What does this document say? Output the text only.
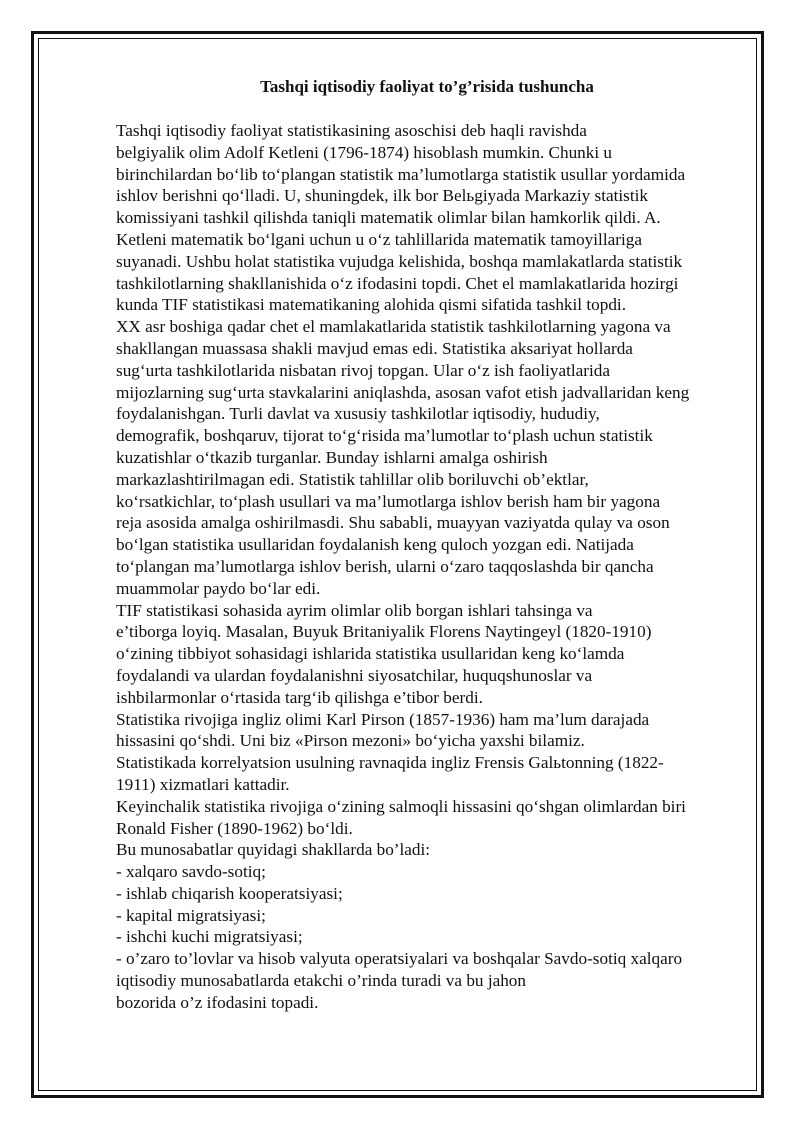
Tashqi iqtisodiy faoliyat to’g’risida tushuncha
Tashqi iqtisodiy faoliyat statistikasining asoschisi deb haqli ravishda
belgiyalik olim Adolf Ketleni (1796-1874) hisoblash mumkin. Chunki u
birinchilardan bo‘lib to‘plangan statistik ma’lumotlarga statistik usullar yordamida
ishlov berishni qo‘lladi. U, shuningdek, ilk bor Belьgiyada Markaziy statistik
komissiyani tashkil qilishda taniqli matematik olimlar bilan hamkorlik qildi. A.
Ketleni matematik bo‘lgani uchun u o‘z tahlillarida matematik tamoyillariga
suyanadi. Ushbu holat statistika vujudga kelishida, boshqa mamlakatlarda statistik
tashkilotlarning shakllanishida o‘z ifodasini topdi. Chet el mamlakatlarida hozirgi
kunda TIF statistikasi matematikaning alohida qismi sifatida tashkil topdi.
XX asr boshiga qadar chet el mamlakatlarida statistik tashkilotlarning yagona va
shakllangan muassasa shakli mavjud emas edi. Statistika aksariyat hollarda
sug‘urta tashkilotlarida nisbatan rivoj topgan. Ular o‘z ish faoliyatlarida
mijozlarning sug‘urta stavkalarini aniqlashda, asosan vafot etish jadvallaridan keng
foydalanishgan. Turli davlat va xususiy tashkilotlar iqtisodiy, hududiy,
demografik, boshqaruv, tijorat to‘g‘risida ma’lumotlar to‘plash uchun statistik
kuzatishlar o‘tkazib turganlar. Bunday ishlarni amalga oshirish
markazlashtirilmagan edi. Statistik tahlillar olib boriluvchi ob’ektlar,
ko‘rsatkichlar, to‘plash usullari va ma’lumotlarga ishlov berish ham bir yagona
reja asosida amalga oshirilmasdi. Shu sababli, muayyan vaziyatda qulay va oson
bo‘lgan statistika usullaridan foydalanish keng quloch yozgan edi. Natijada
to‘plangan ma’lumotlarga ishlov berish, ularni o‘zaro taqqoslashda bir qancha
muammolar paydo bo‘lar edi.
TIF statistikasi sohasida ayrim olimlar olib borgan ishlari tahsinga va
e’tiborga loyiq. Masalan, Buyuk Britaniyalik Florens Naytingeyl (1820-1910)
o‘zining tibbiyot sohasidagi ishlarida statistika usullaridan keng ko‘lamda
foydalandi va ulardan foydalanishni siyosatchilar, huquqshunoslar va
ishbilarmonlar o‘rtasida targ‘ib qilishga e’tibor berdi.
Statistika rivojiga ingliz olimi Karl Pirson (1857-1936) ham ma’lum darajada
hissasini qo‘shdi. Uni biz «Pirson mezoni» bo‘yicha yaxshi bilamiz.
Statistikada korrelyatsion usulning ravnaqida ingliz Frensis Galьtonning (1822-
1911) xizmatlari kattadir.
Keyinchalik statistika rivojiga o‘zining salmoqli hissasini qo‘shgan olimlardan biri
Ronald Fisher (1890-1962) bo‘ldi.
Bu munosabatlar quyidagi shakllarda bo’ladi:
- xalqaro savdo-sotiq;
- ishlab chiqarish kooperatsiyasi;
- kapital migratsiyasi;
- ishchi kuchi migratsiyasi;
- o’zaro to’lovlar va hisob valyuta operatsiyalari va boshqalar Savdo-sotiq xalqaro
iqtisodiy munosabatlarda etakchi o’rinda turadi va bu jahon
bozorida o’z ifodasini topadi.
